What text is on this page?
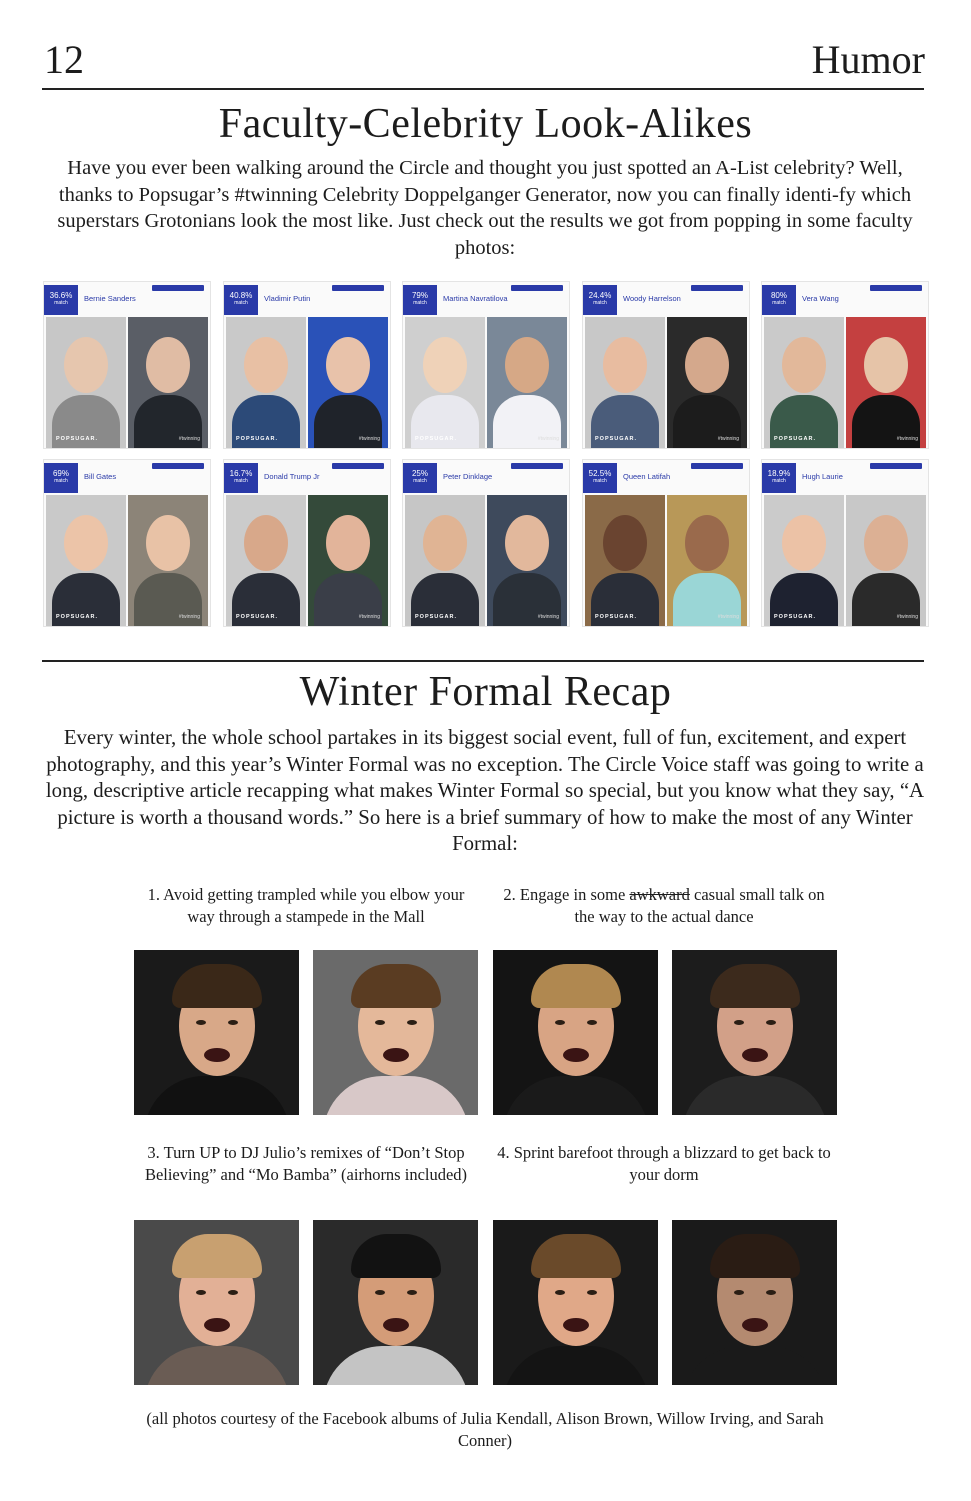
12	Humor
Faculty-Celebrity Look-Alikes
Have you ever been walking around the Circle and thought you just spotted an A-List celebrity? Well, thanks to Popsugar’s #twinning Celebrity Doppelganger Generator, now you can finally identi-fy which superstars Grotonians look the most like. Just check out the results we got from popping in some faculty photos:
36.6%
match	Bernie Sanders
POPSUGAR.	#twinning
40.8%
match	Vladimir Putin
POPSUGAR.	#twinning
79%
match	Martina Navratilova
POPSUGAR.	#twinning
24.4%
match	Woody Harrelson
POPSUGAR.	#twinning
80%
match	Vera Wang
POPSUGAR.	#twinning
69%
match	Bill Gates
POPSUGAR.	#twinning
16.7%
match	Donald Trump Jr
POPSUGAR.	#twinning
25%
match	Peter Dinklage
POPSUGAR.	#twinning
52.5%
match	Queen Latifah
POPSUGAR.	#twinning
18.9%
match	Hugh Laurie
POPSUGAR.	#twinning
Winter Formal Recap
Every winter, the whole school partakes in its biggest social event, full of fun, excitement, and expert photography, and this year’s Winter Formal was no exception. The Circle Voice staff was going to write a long, descriptive article recapping what makes Winter Formal so special, but you know what they say, “A picture is worth a thousand words.” So here is a brief summary of how to make the most of any Winter Formal:
1. Avoid getting trampled while you elbow your way through a stampede in the Mall
2. Engage in some awkward casual small talk on the way to the actual dance
3. Turn UP to DJ Julio’s remixes of “Don’t Stop Believing” and “Mo Bamba” (airhorns included)
4. Sprint barefoot through a blizzard to get back to your dorm
(all photos courtesy of the Facebook albums of Julia Kendall, Alison Brown, Willow Irving, and Sarah Conner)
